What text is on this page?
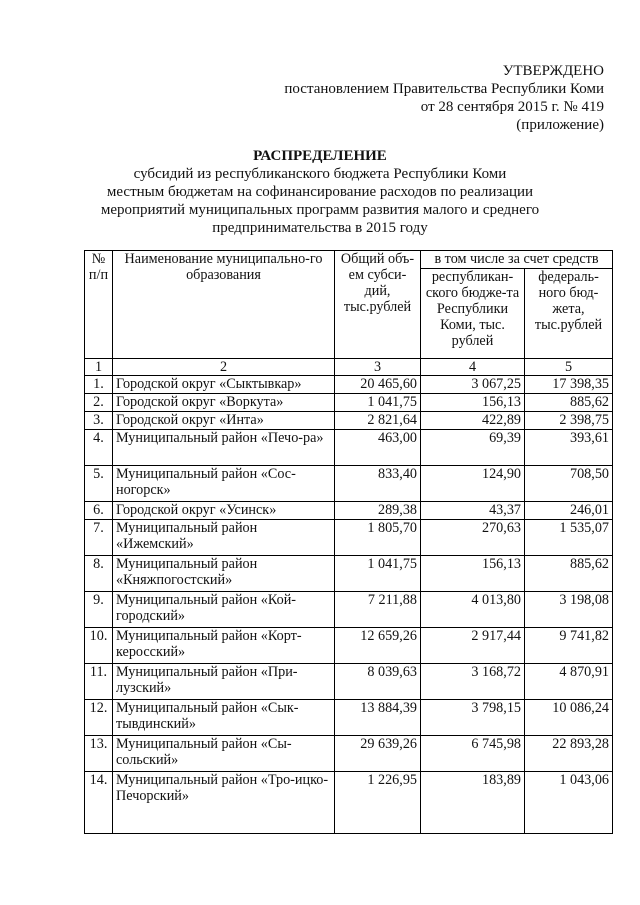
УТВЕРЖДЕНО
постановлением Правительства Республики Коми
от 28 сентября 2015 г. № 419
(приложение)
РАСПРЕДЕЛЕНИЕ
субсидий из республиканского бюджета Республики Коми
местным бюджетам на софинансирование расходов по реализации
мероприятий муниципальных программ развития малого и среднего
предпринимательства в 2015 году
№ п/п	Наименование муниципально-го образования	Общий объ-ем субси-дий, тыс.рублей	в том числе за счет средств	
			республикан-ского бюдже-та Республики Коми, тыс. рублей	федераль-ного бюд-жета, тыс.рублей
1	2	3	4	5
1.	Городской округ «Сыктывкар»	20 465,60	3 067,25	17 398,35
2.	Городской округ «Воркута»	1 041,75	156,13	885,62
3.	Городской округ «Инта»	2 821,64	422,89	2 398,75
4.	Муниципальный район «Печо-ра»	463,00	69,39	393,61
5.	Муниципальный район «Сос-ногорск»	833,40	124,90	708,50
6.	Городской округ «Усинск»	289,38	43,37	246,01
7.	Муниципальный район «Ижемский»	1 805,70	270,63	1 535,07
8.	Муниципальный район «Княжпогостский»	1 041,75	156,13	885,62
9.	Муниципальный район «Кой-городский»	7 211,88	4 013,80	3 198,08
10.	Муниципальный район «Корт-керосский»	12 659,26	2 917,44	9 741,82
11.	Муниципальный район «При-лузский»	8 039,63	3 168,72	4 870,91
12.	Муниципальный район «Сык-тывдинский»	13 884,39	3 798,15	10 086,24
13.	Муниципальный район «Сы-сольский»	29 639,26	6 745,98	22 893,28
14.	Муниципальный район «Тро-ицко-Печорский»	1 226,95	183,89	1 043,06
